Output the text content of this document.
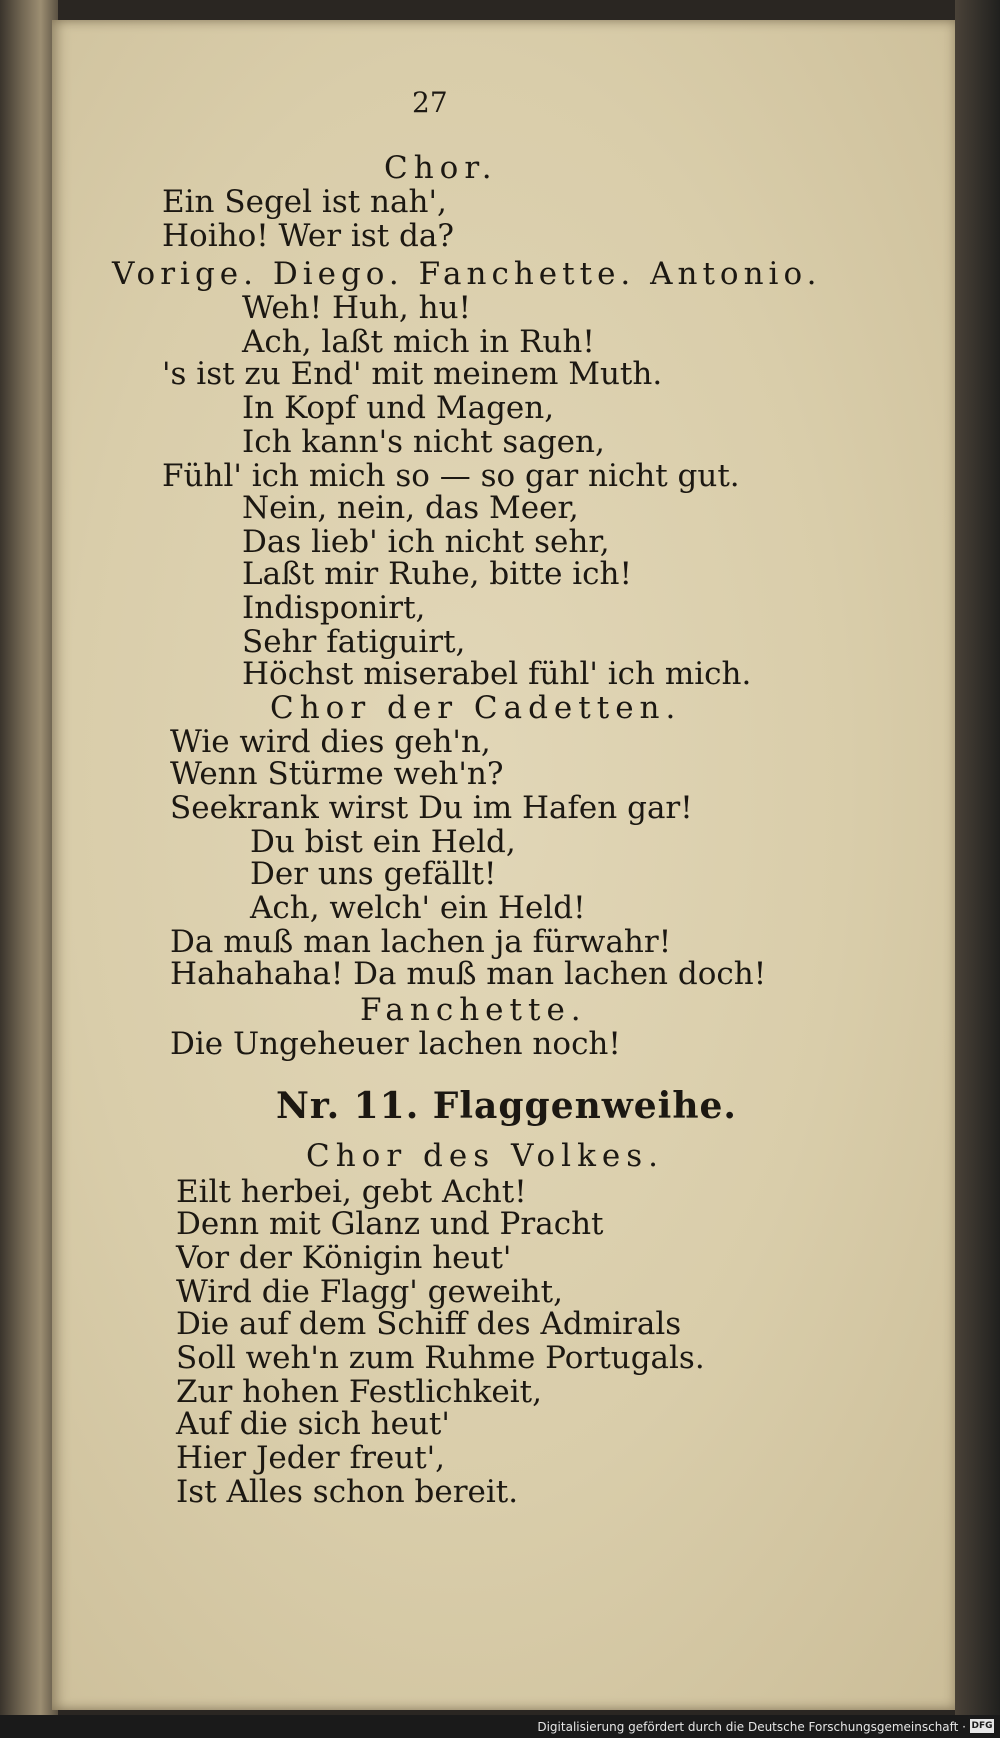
27
Chor.
Ein Segel ist nah',
Hoiho! Wer ist da?
Vorige. Diego. Fanchette. Antonio.
Weh! Huh, hu!
Ach, laßt mich in Ruh!
's ist zu End' mit meinem Muth.
In Kopf und Magen,
Ich kann's nicht sagen,
Fühl' ich mich so — so gar nicht gut.
Nein, nein, das Meer,
Das lieb' ich nicht sehr,
Laßt mir Ruhe, bitte ich!
Indisponirt,
Sehr fatiguirt,
Höchst miserabel fühl' ich mich.
Chor der Cadetten.
Wie wird dies geh'n,
Wenn Stürme weh'n?
Seekrank wirst Du im Hafen gar!
Du bist ein Held,
Der uns gefällt!
Ach, welch' ein Held!
Da muß man lachen ja fürwahr!
Hahahaha! Da muß man lachen doch!
Fanchette.
Die Ungeheuer lachen noch!
Nr. 11. Flaggenweihe.
Chor des Volkes.
Eilt herbei, gebt Acht!
Denn mit Glanz und Pracht
Vor der Königin heut'
Wird die Flagg' geweiht,
Die auf dem Schiff des Admirals
Soll weh'n zum Ruhme Portugals.
Zur hohen Festlichkeit,
Auf die sich heut'
Hier Jeder freut',
Ist Alles schon bereit.
Digitalisierung gefördert durch die Deutsche Forschungsgemeinschaft · DFG
